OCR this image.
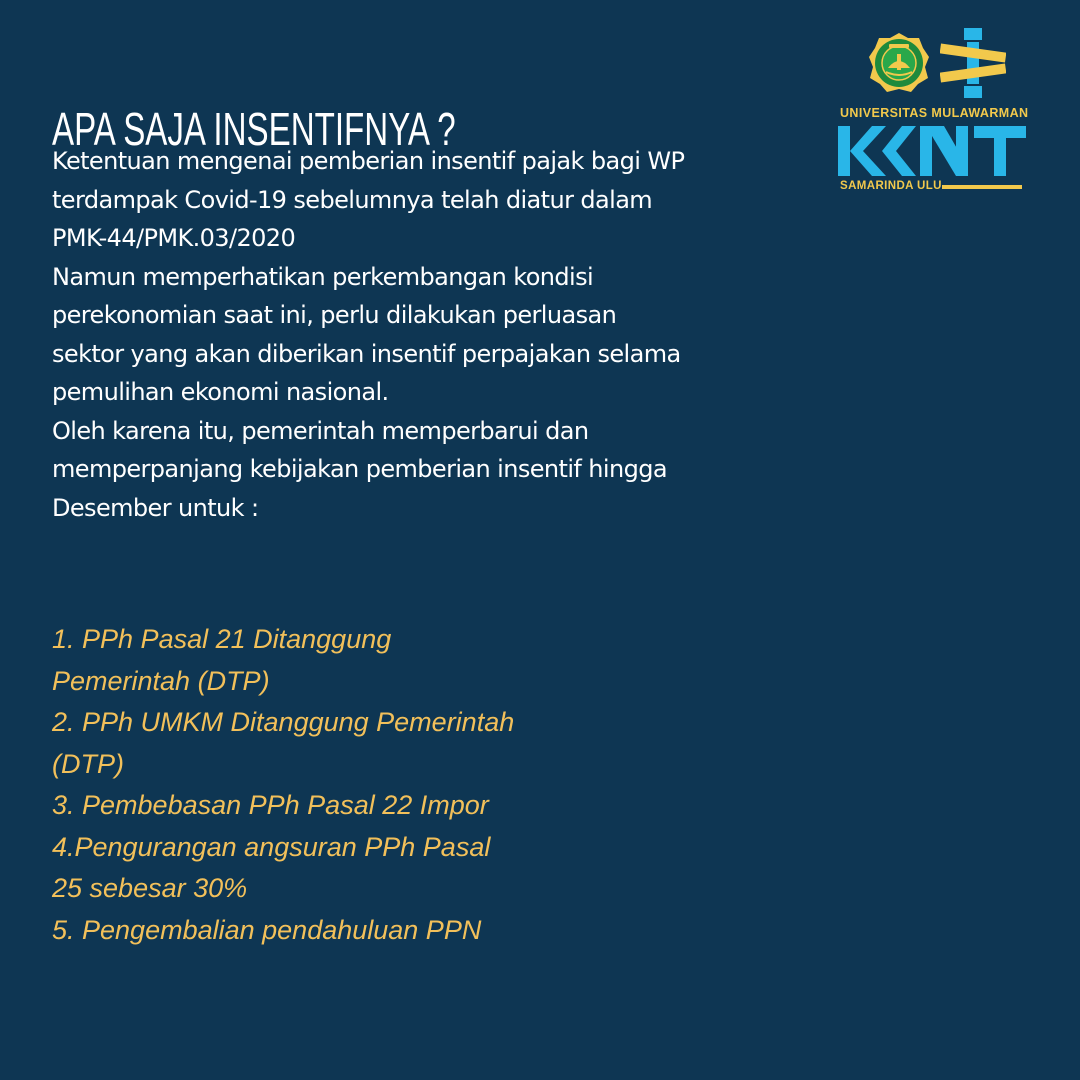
APA SAJA INSENTIFNYA ?

Ketentuan mengenai pemberian insentif pajak bagi WP
terdampak Covid-19 sebelumnya telah diatur dalam
PMK-44/PMK.03/2020

Namun memperhatikan perkembangan kondisi
perekonomian saat ini, perlu dilakukan perluasan
sektor yang akan diberikan insentif perpajakan selama
pemulihan ekonomi nasional.

Oleh karena itu, pemerintah memperbarui dan
memperpanjang kebijakan pemberian insentif hingga
Desember untuk :

1. PPh Pasal 21 Ditanggung
Pemerintah (DTP)
2. PPh UMKM Ditanggung Pemerintah
(DTP)
3. Pembebasan PPh Pasal 22 Impor
4.Pengurangan angsuran PPh Pasal
25 sebesar 30%
5. Pengembalian pendahuluan PPN
UNIVERSITAS MULAWARMAN
SAMARINDA ULU
